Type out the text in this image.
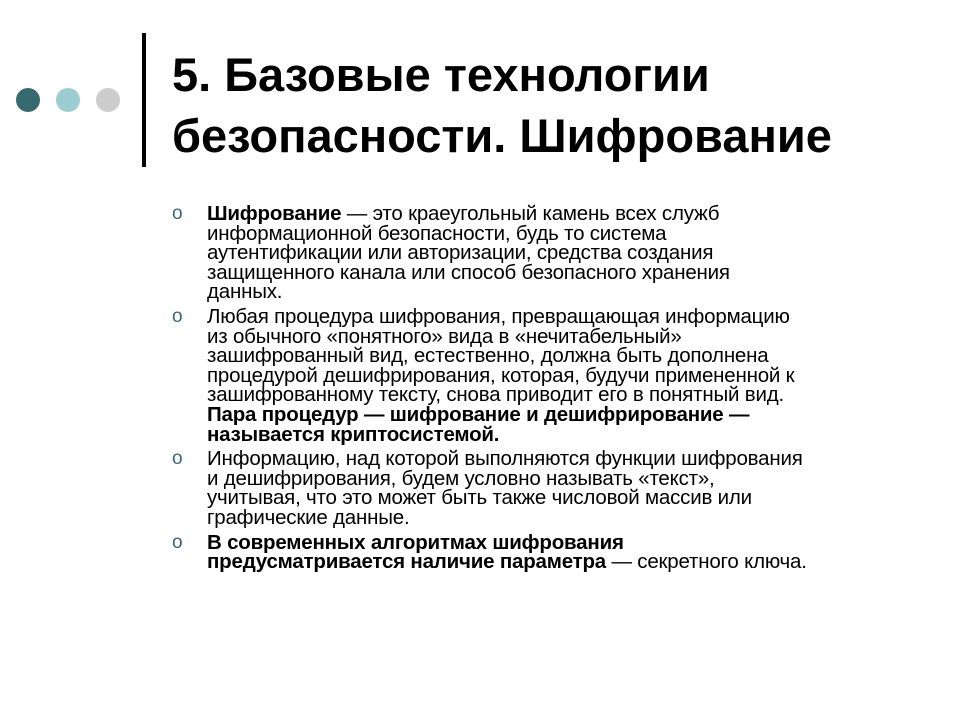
5. Базовые технологии
безопасности. Шифрование
o Шифрование — это краеугольный камень всех служб
информационной безопасности, будь то система
аутентификации или авторизации, средства создания
защищенного канала или способ безопасного хранения
данных.
o Любая процедура шифрования, превращающая информацию
из обычного «понятного» вида в «нечитабельный»
зашифрованный вид, естественно, должна быть дополнена
процедурой дешифрирования, которая, будучи примененной к
зашифрованному тексту, снова приводит его в понятный вид.
Пара процедур — шифрование и дешифрирование —
называется криптосистемой.
o Информацию, над которой выполняются функции шифрования
и дешифрирования, будем условно называть «текст»,
учитывая, что это может быть также числовой массив или
графические данные.
o В современных алгоритмах шифрования
предусматривается наличие параметра — секретного ключа.
